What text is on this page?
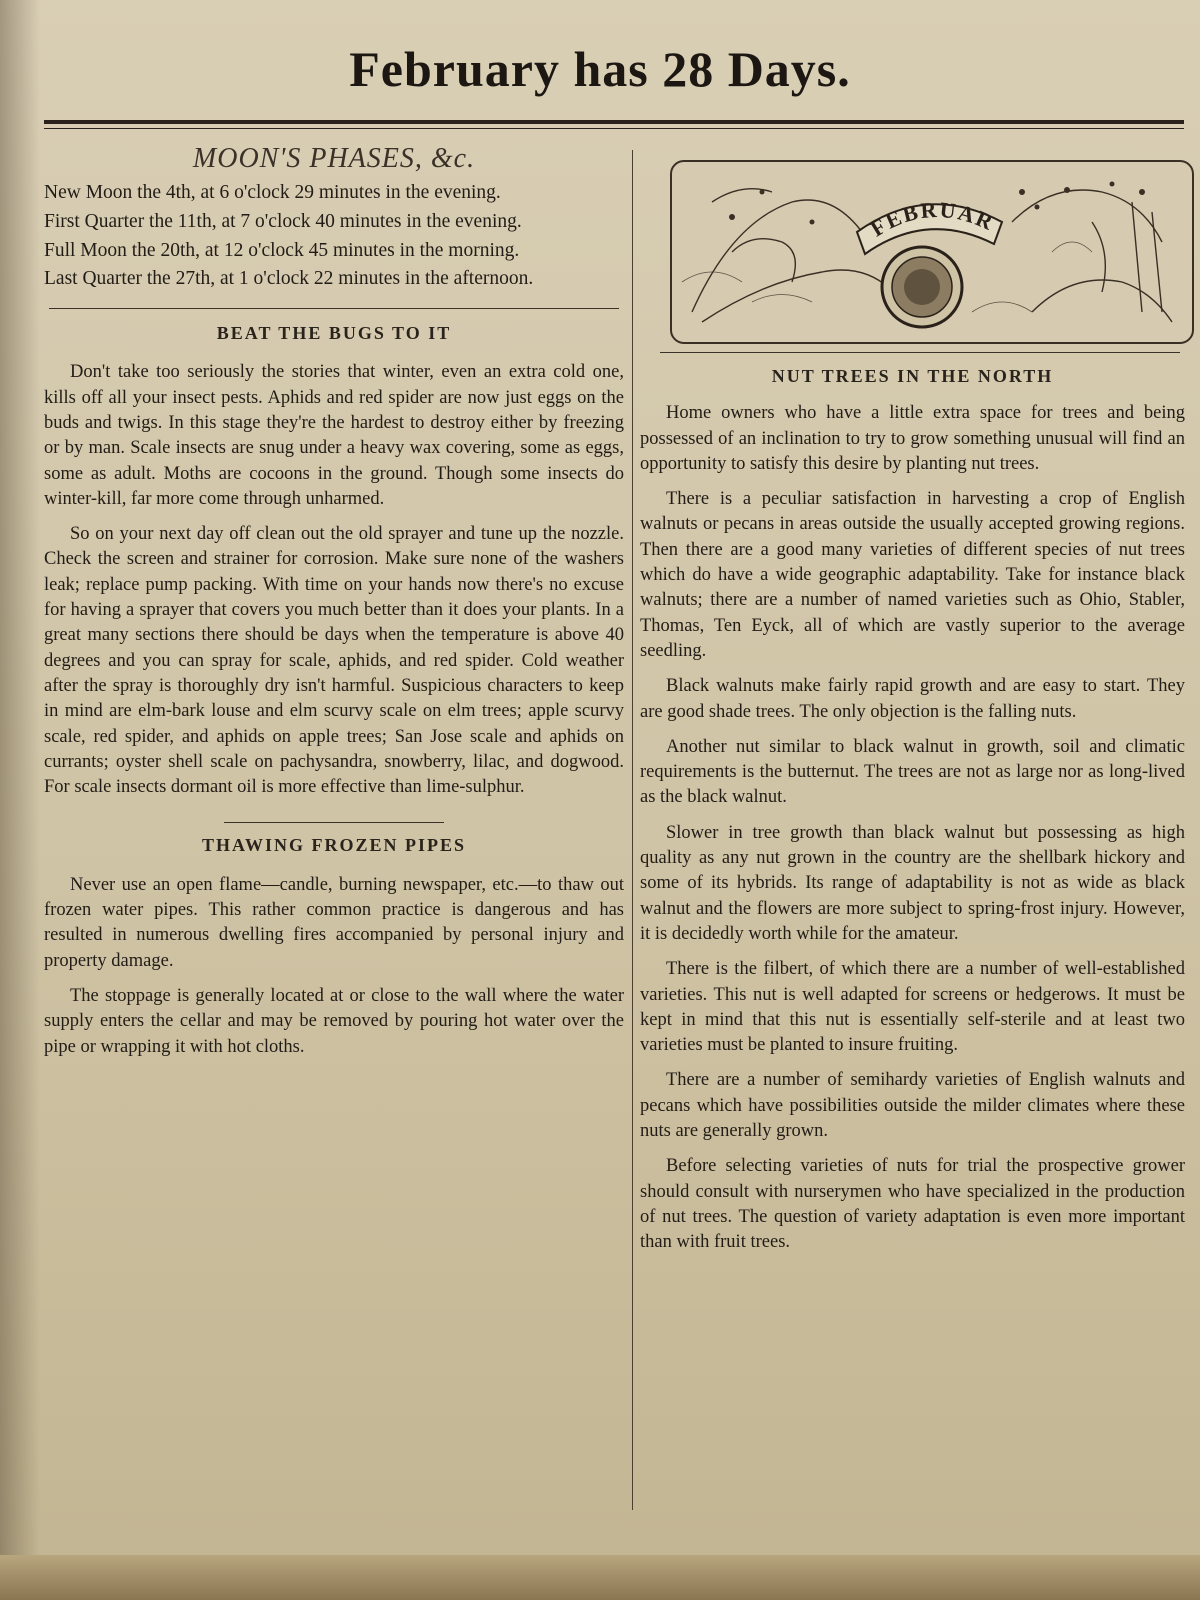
February has 28 Days.
MOON'S PHASES, &c.

New Moon the 4th, at 6 o'clock 29 minutes in the evening.

First Quarter the 11th, at 7 o'clock 40 minutes in the evening.

Full Moon the 20th, at 12 o'clock 45 minutes in the morning.

Last Quarter the 27th, at 1 o'clock 22 minutes in the afternoon.

BEAT THE BUGS TO IT

Don't take too seriously the stories that winter, even an extra cold one, kills off all your insect pests. Aphids and red spider are now just eggs on the buds and twigs. In this stage they're the hardest to destroy either by freezing or by man. Scale insects are snug under a heavy wax covering, some as eggs, some as adult. Moths are cocoons in the ground. Though some insects do winter-kill, far more come through unharmed.

So on your next day off clean out the old sprayer and tune up the nozzle. Check the screen and strainer for corrosion. Make sure none of the washers leak; replace pump packing. With time on your hands now there's no excuse for having a sprayer that covers you much better than it does your plants. In a great many sections there should be days when the temperature is above 40 degrees and you can spray for scale, aphids, and red spider. Cold weather after the spray is thoroughly dry isn't harmful. Suspicious characters to keep in mind are elm-bark louse and elm scurvy scale on elm trees; apple scurvy scale, red spider, and aphids on apple trees; San Jose scale and aphids on currants; oyster shell scale on pachysandra, snowberry, lilac, and dogwood. For scale insects dormant oil is more effective than lime-sulphur.

THAWING FROZEN PIPES

Never use an open flame—candle, burning newspaper, etc.—to thaw out frozen water pipes. This rather common practice is dangerous and has resulted in numerous dwelling fires accompanied by personal injury and property damage.

The stoppage is generally located at or close to the wall where the water supply enters the cellar and may be removed by pouring hot water over the pipe or wrapping it with hot cloths.

FEBRUAR
NUT TREES IN THE NORTH

Home owners who have a little extra space for trees and being possessed of an inclination to try to grow something unusual will find an opportunity to satisfy this desire by planting nut trees.

There is a peculiar satisfaction in harvesting a crop of English walnuts or pecans in areas outside the usually accepted growing regions. Then there are a good many varieties of different species of nut trees which do have a wide geographic adaptability. Take for instance black walnuts; there are a number of named varieties such as Ohio, Stabler, Thomas, Ten Eyck, all of which are vastly superior to the average seedling.

Black walnuts make fairly rapid growth and are easy to start. They are good shade trees. The only objection is the falling nuts.

Another nut similar to black walnut in growth, soil and climatic requirements is the butternut. The trees are not as large nor as long-lived as the black walnut.

Slower in tree growth than black walnut but possessing as high quality as any nut grown in the country are the shellbark hickory and some of its hybrids. Its range of adaptability is not as wide as black walnut and the flowers are more subject to spring-frost injury. However, it is decidedly worth while for the amateur.

There is the filbert, of which there are a number of well-established varieties. This nut is well adapted for screens or hedgerows. It must be kept in mind that this nut is essentially self-sterile and at least two varieties must be planted to insure fruiting.

There are a number of semihardy varieties of English walnuts and pecans which have possibilities outside the milder climates where these nuts are generally grown.

Before selecting varieties of nuts for trial the prospective grower should consult with nurserymen who have specialized in the production of nut trees. The question of variety adaptation is even more important than with fruit trees.
